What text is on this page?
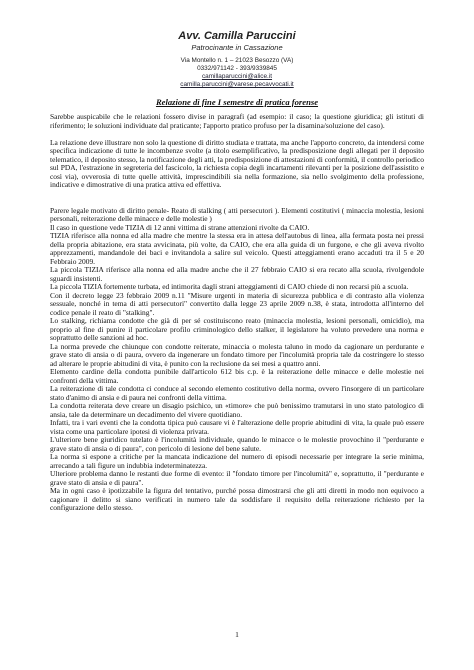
Avv. Camilla Paruccini
Patrocinante in Cassazione
Via Montello n. 1 – 21023 Besozzo (VA)
0332/971142 - 393/9339845
camillaparuccini@alice.it
camilla.paruccini@varese.pecavvocati.it
Relazione di fine I semestre di pratica forense

Sarebbe auspicabile che le relazioni fossero divise in paragrafi (ad esempio: il caso; la questione giuridica; gli istituti di riferimento; le soluzioni individuate dal praticante; l'apporto pratico profuso per la disamina/soluzione del caso).

La relazione deve illustrare non solo la questione di diritto studiata e trattata, ma anche l'apporto concreto, da intendersi come specifica indicazione di tutte le incombenze svolte (a titolo esemplificativo, la predisposizione degli allegati per il deposito telematico, il deposito stesso, la notificazione degli atti, la predisposizione di attestazioni di conformità, il controllo periodico sul PDA, l'estrazione in segreteria del fascicolo, la richiesta copia degli incartamenti rilevanti per la posizione dell'assistito e così via), ovverosia di tutte quelle attività, imprescindibili sia nella formazione, sia nello svolgimento della professione, indicative e dimostrative di una pratica attiva ed effettiva.

Parere legale motivato di diritto penale- Reato di stalking ( atti persecutori ). Elementi costitutivi ( minaccia molestia, lesioni personali, reiterazione delle minacce e delle molestie )

Il caso in questione vede TIZIA di 12 anni vittima di strane attenzioni rivolte da CAIO.

TIZIA riferisce alla nonna ed alla madre che mentre la stessa era in attesa dell'autobus di linea, alla fermata posta nei pressi della propria abitazione, era stata avvicinata, più volte, da CAIO, che era alla guida di un furgone, e che gli aveva rivolto apprezzamenti, mandandole dei baci e invitandola a salire sul veicolo. Questi atteggiamenti erano accaduti tra il 5 e 20 Febbraio 2009.

La piccola TIZIA riferisce alla nonna ed alla madre anche che il 27 febbraio CAIO si era recato alla scuola, rivolgendole sguardi insistenti.

La piccola TIZIA fortemente turbata, ed intimorita dagli strani atteggiamenti di CAIO chiede di non recarsi più a scuola.

Con il decreto legge 23 febbraio 2009 n.11 "Misure urgenti in materia di sicurezza pubblica e di contrasto alla violenza sessuale, nonché in tema di atti persecutori" convertito dalla legge 23 aprile 2009 n.38, è stata, introdotta all'interno del codice penale il reato di "stalking".

Lo stalking, richiama condotte che già di per sé costituiscono reato (minaccia molestia, lesioni personali, omicidio), ma proprio al fine di punire il particolare profilo criminologico dello stalker, il legislatore ha voluto prevedere una norma e soprattutto delle sanzioni ad hoc.

La norma prevede che chiunque con condotte reiterate, minaccia o molesta taluno in modo da cagionare un perdurante e grave stato di ansia o di paura, ovvero da ingenerare un fondato timore per l'incolumità propria tale da costringere lo stesso ad alterare le proprie abitudini di vita, è punito con la reclusione da sei mesi a quattro anni.

Elemento cardine della condotta punibile dall'articolo 612 bis c.p. è la reiterazione delle minacce e delle molestie nei confronti della vittima.

La reiterazione di tale condotta ci conduce al secondo elemento costitutivo della norma, ovvero l'insorgere di un particolare stato d'animo di ansia e di paura nei confronti della vittima.

La condotta reiterata deve creare un disagio psichico, un «timore» che può benissimo tramutarsi in uno stato patologico di ansia, tale da determinare un decadimento del vivere quotidiano.

Infatti, tra i vari eventi che la condotta tipica può causare vi è l'alterazione delle proprie abitudini di vita, la quale può essere vista come una particolare ipotesi di violenza privata.

L'ulteriore bene giuridico tutelato è l'incolumità individuale, quando le minacce o le molestie provochino il "perdurante e grave stato di ansia o di paura", con pericolo di lesione del bene salute.

La norma si espone a critiche per la mancata indicazione del numero di episodi necessarie per integrare la serie minima, arrecando a tali figure un indubbia indeterminatezza.

Ulteriore problema danno le restanti due forme di evento: il "fondato timore per l'incolumità" e, soprattutto, il "perdurante e grave stato di ansia e di paura".

Ma in ogni caso è ipotizzabile la figura del tentativo, purché possa dimostrarsi che gli atti diretti in modo non equivoco a cagionare il delitto si siano verificati in numero tale da soddisfare il requisito della reiterazione richiesto per la configurazione dello stesso.

1
